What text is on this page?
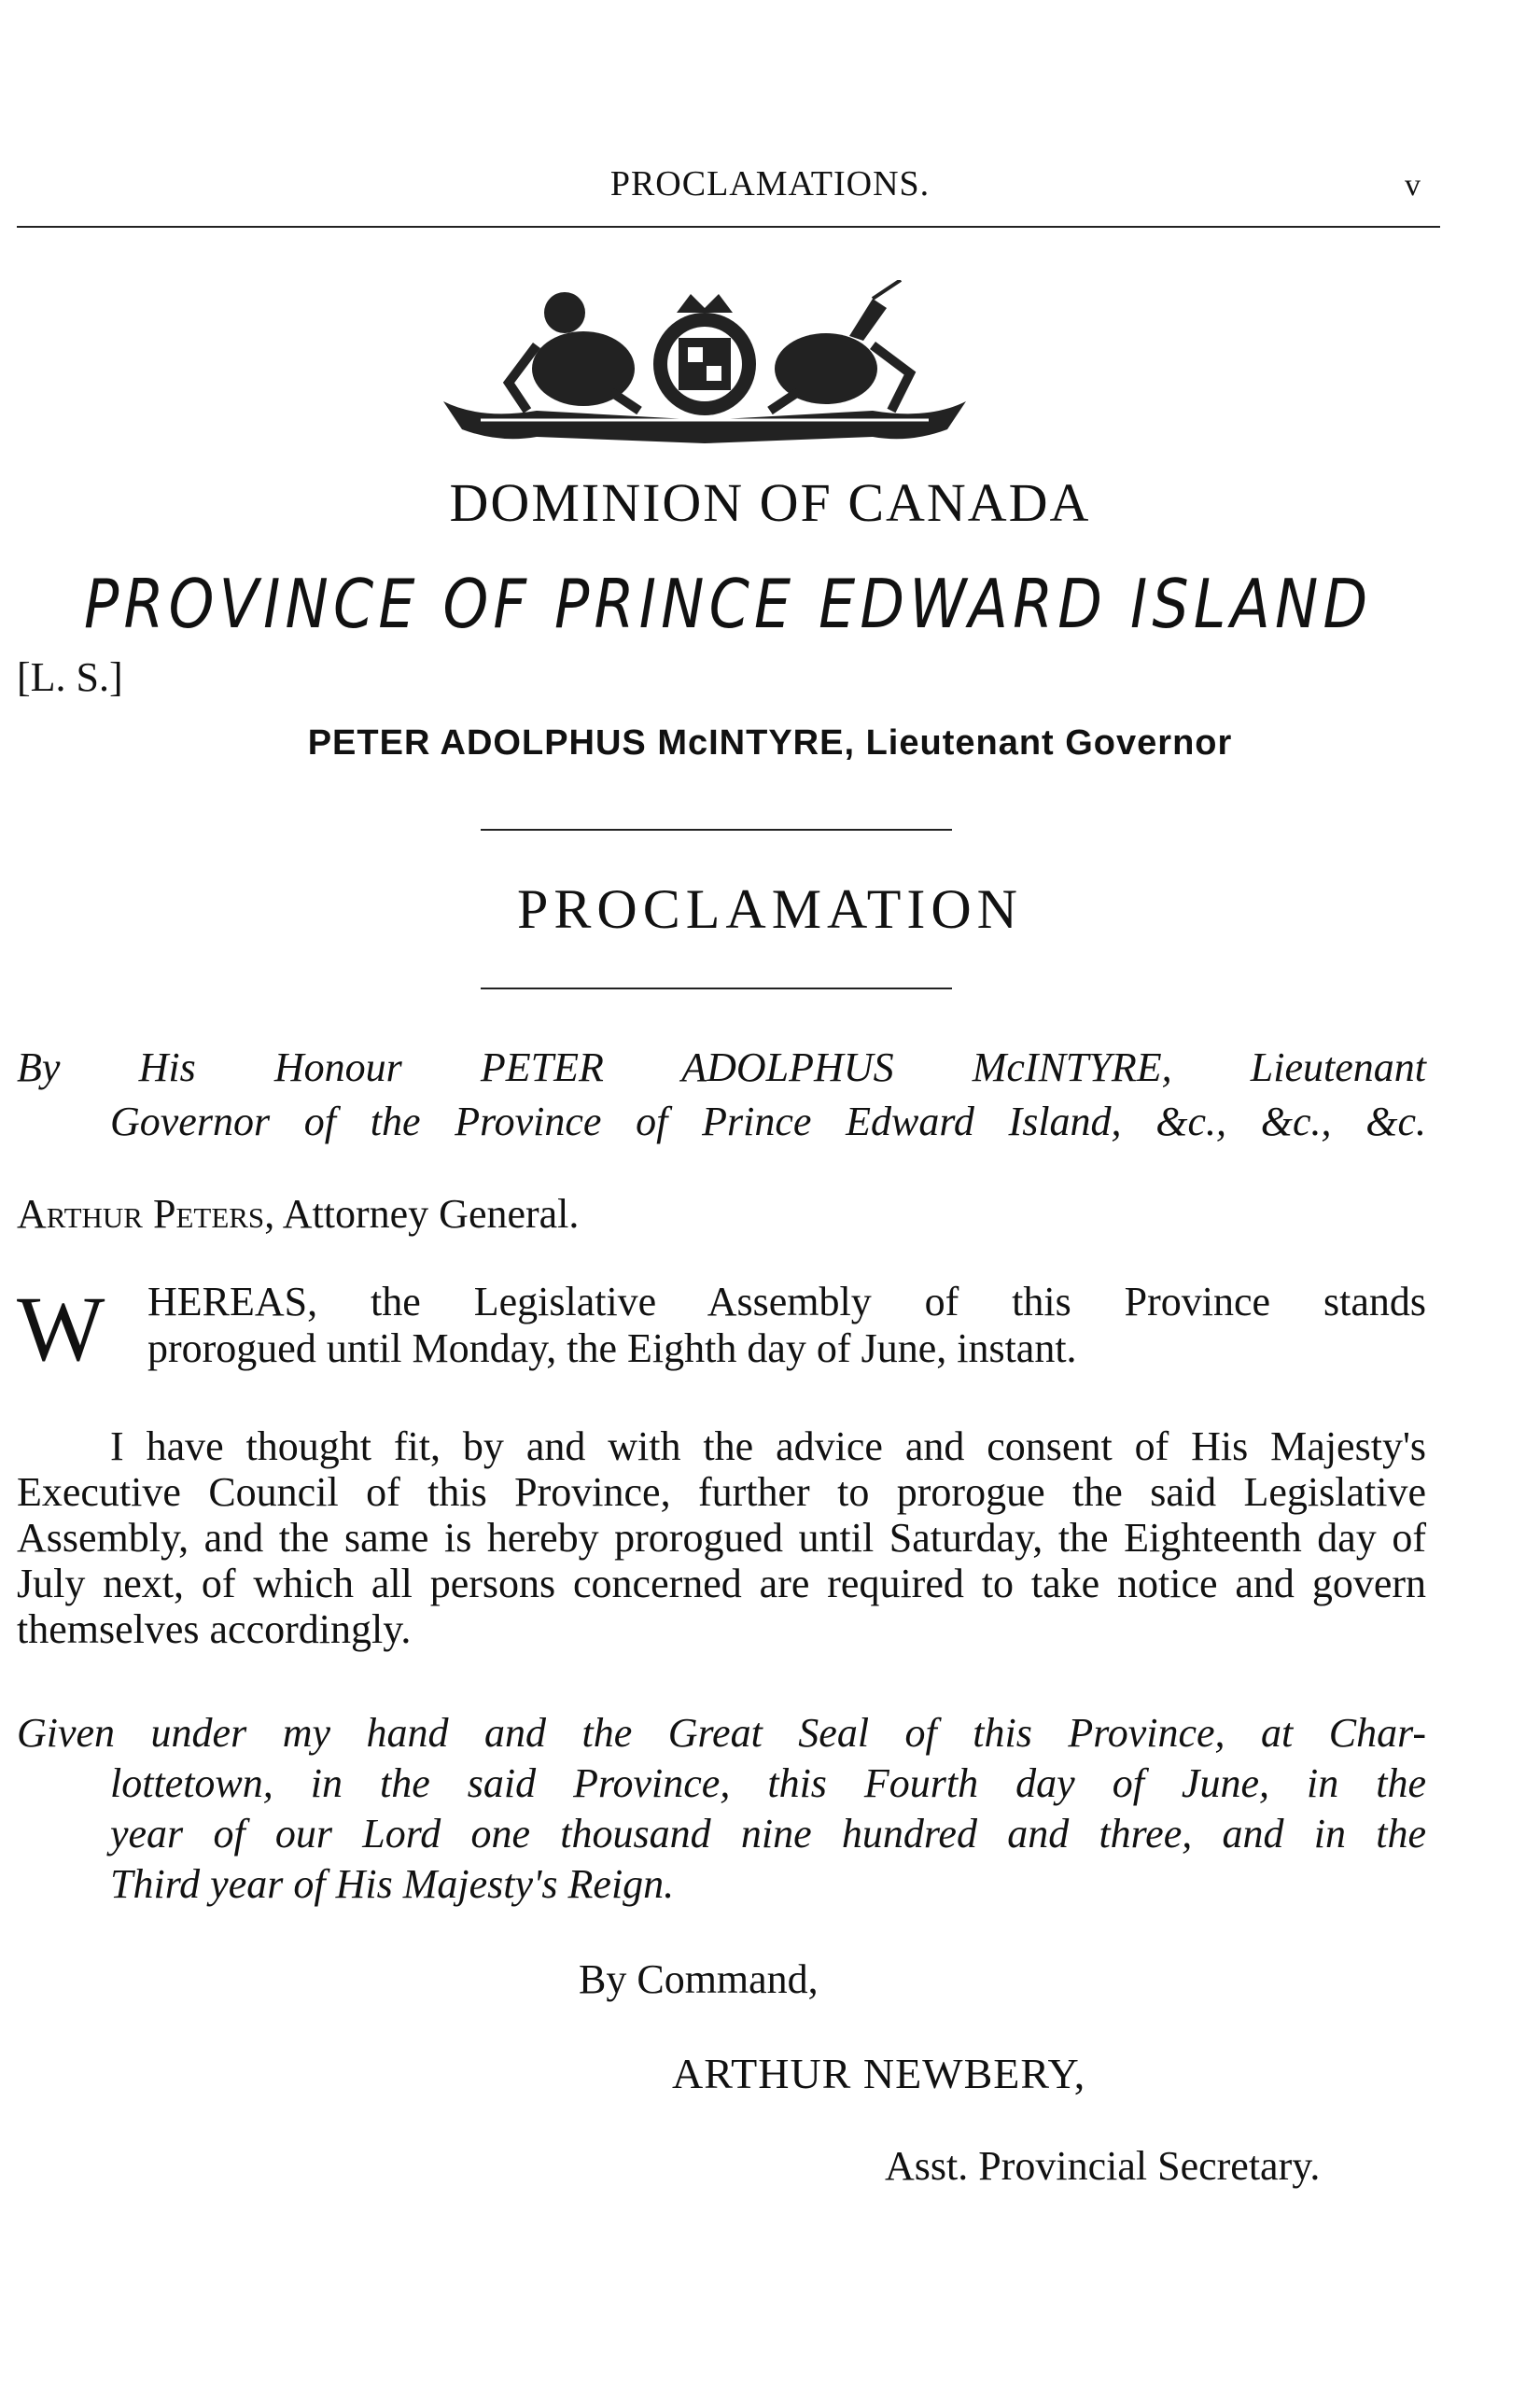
PROCLAMATIONS.	v
DOMINION OF CANADA
PROVINCE OF PRINCE EDWARD ISLAND
[L. S.]
PETER ADOLPHUS McINTYRE, Lieutenant Governor
PROCLAMATION
By His Honour PETER ADOLPHUS McINTYRE, Lieutenant
Governor of the Province of Prince Edward Island, &c., &c., &c.
Arthur Peters, Attorney General.
W	HEREAS, the Legislative Assembly of this Province stands
prorogued until Monday, the Eighth day of June, instant.
I have thought fit, by and with the advice and consent of His Majesty's Executive Council of this Province, further to prorogue the said Legislative Assembly, and the same is hereby prorogued until Saturday, the Eighteenth day of July next, of which all persons concerned are required to take notice and govern themselves accordingly.
Given under my hand and the Great Seal of this Province, at Char-
lottetown, in the said Province, this Fourth day of June, in the
year of our Lord one thousand nine hundred and three, and in the
Third year of His Majesty's Reign.
By Command,
ARTHUR NEWBERY,
Asst. Provincial Secretary.
